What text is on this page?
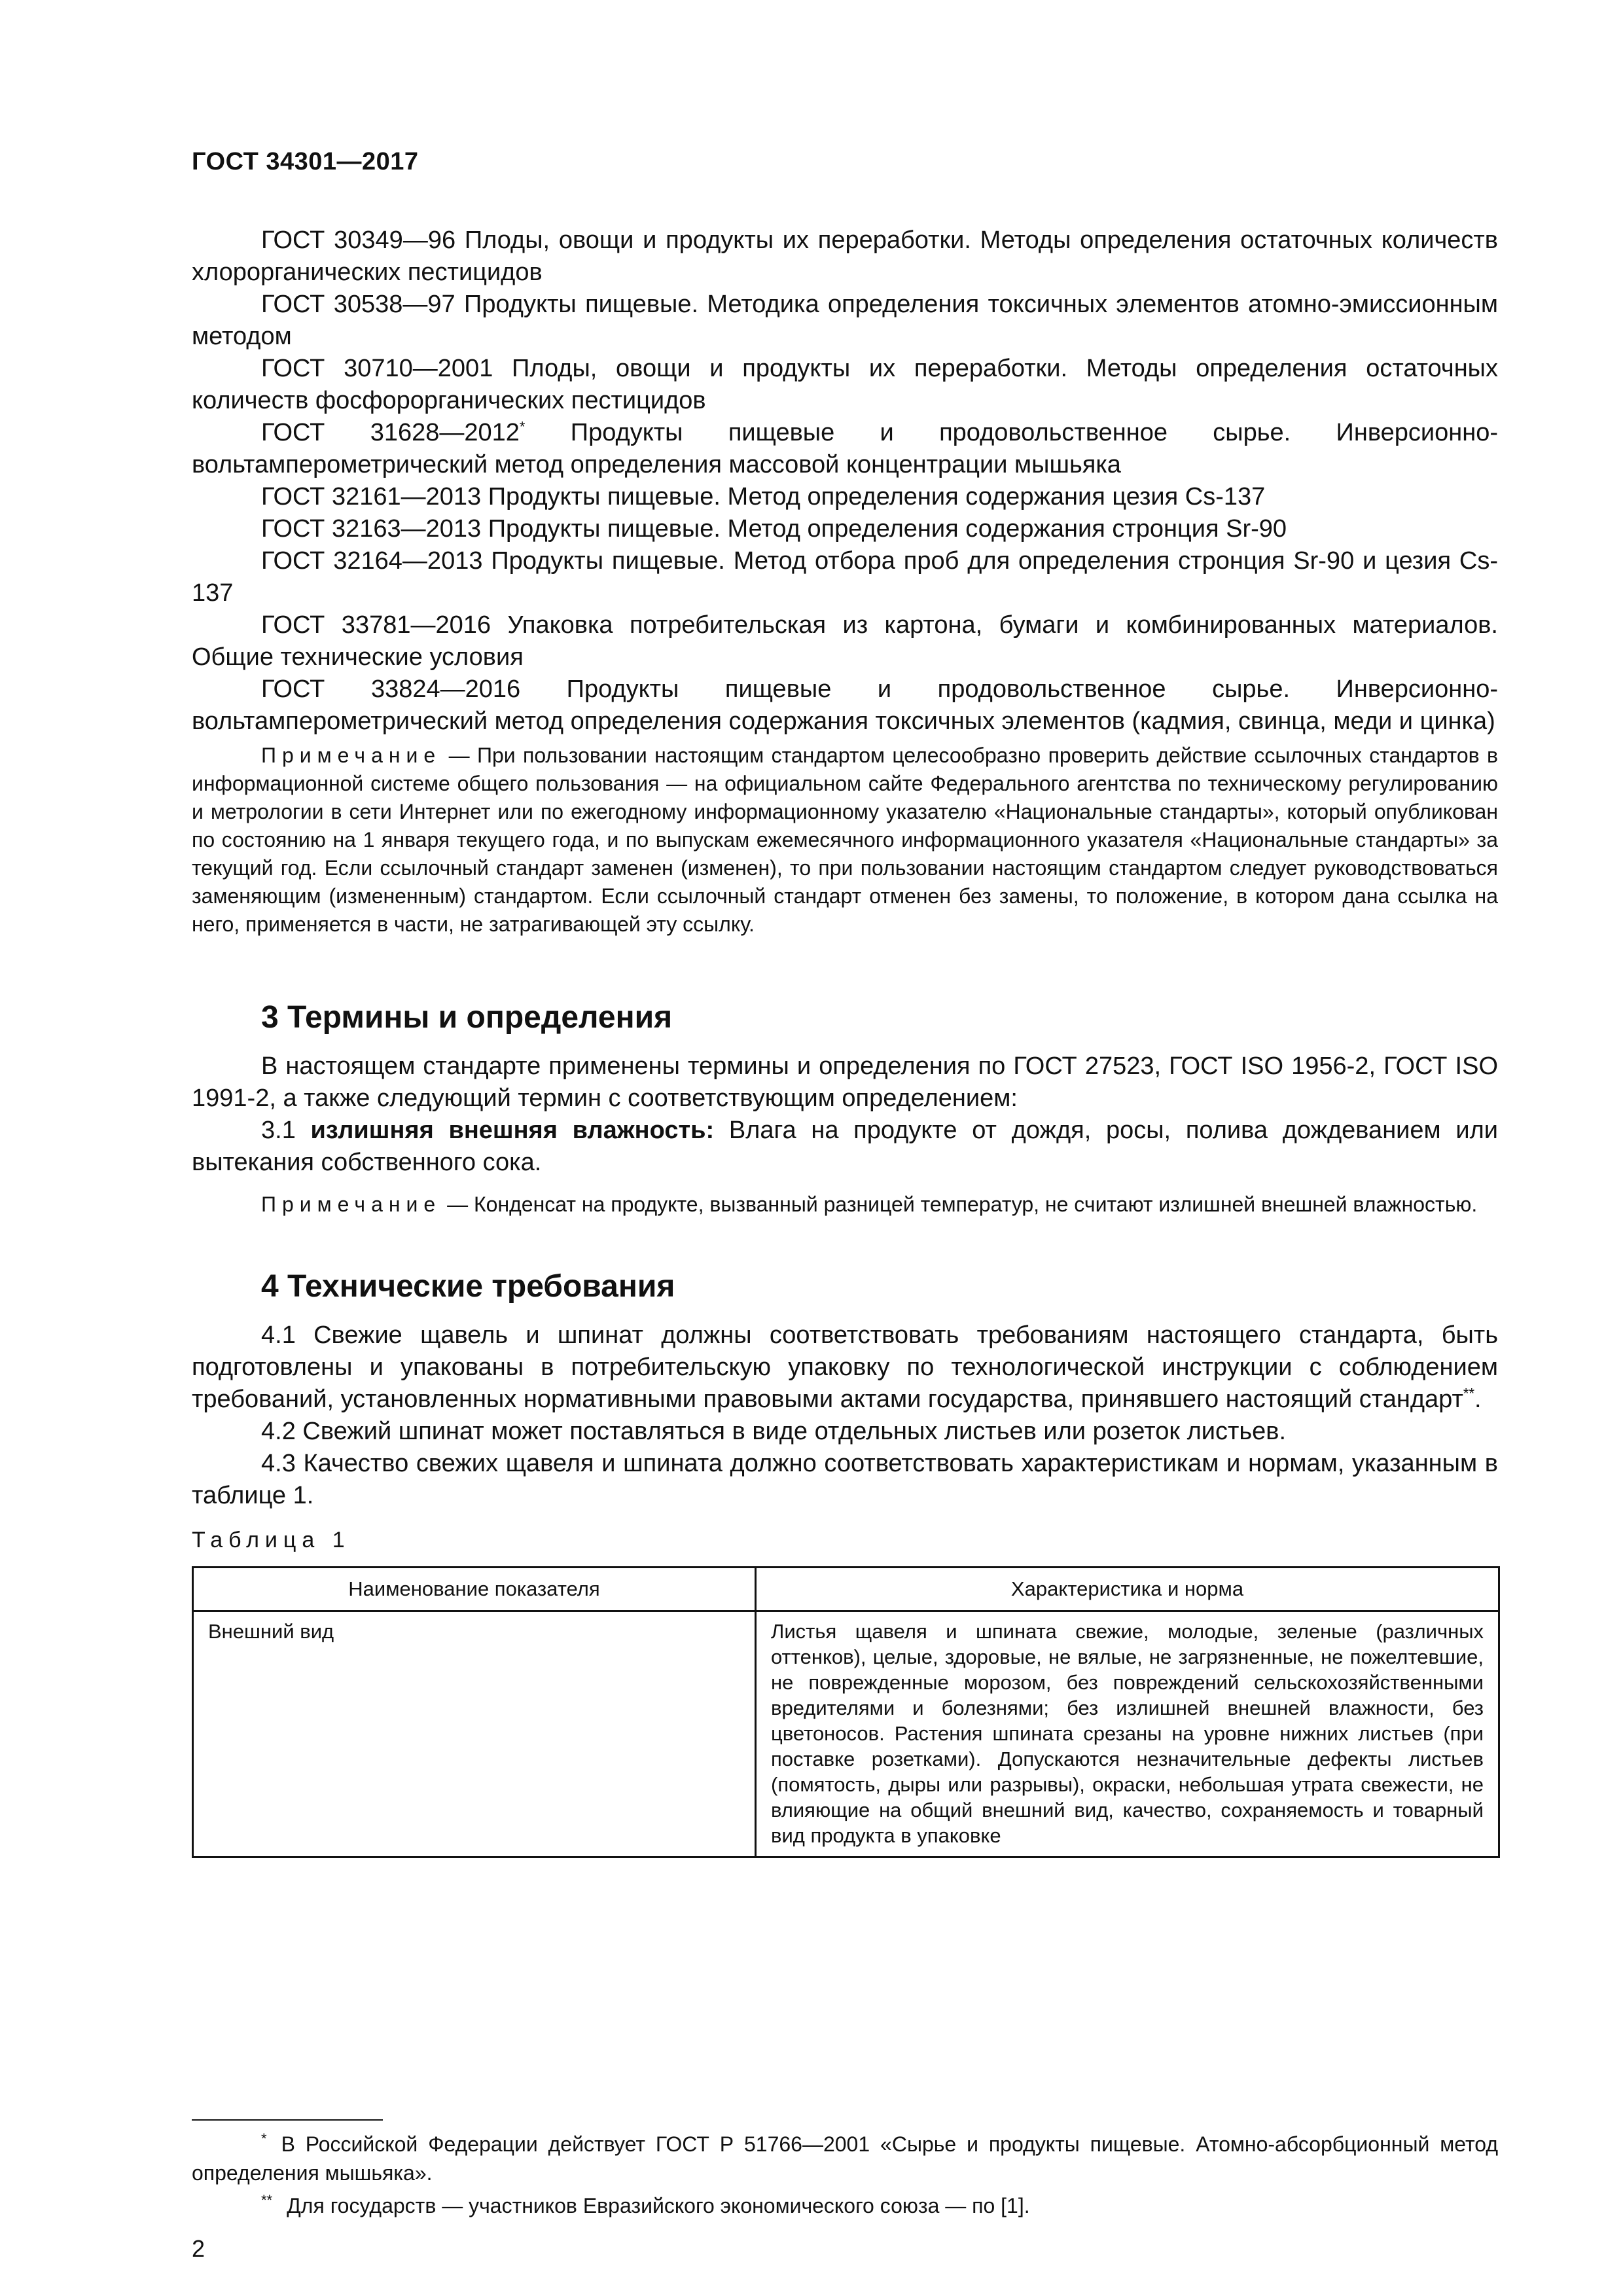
ГОСТ 34301—2017
ГОСТ 30349—96 Плоды, овощи и продукты их переработки. Методы определения остаточных количеств хлорорганических пестицидов
ГОСТ 30538—97 Продукты пищевые. Методика определения токсичных элементов атомно-эмиссионным методом
ГОСТ 30710—2001 Плоды, овощи и продукты их переработки. Методы определения остаточных количеств фосфорорганических пестицидов
ГОСТ 31628—2012* Продукты пищевые и продовольственное сырье. Инверсионно-вольтамперометрический метод определения массовой концентрации мышьяка
ГОСТ 32161—2013 Продукты пищевые. Метод определения содержания цезия Cs-137
ГОСТ 32163—2013 Продукты пищевые. Метод определения содержания стронция Sr-90
ГОСТ 32164—2013 Продукты пищевые. Метод отбора проб для определения стронция Sr-90 и цезия Cs-137
ГОСТ 33781—2016 Упаковка потребительская из картона, бумаги и комбинированных материалов. Общие технические условия
ГОСТ 33824—2016 Продукты пищевые и продовольственное сырье. Инверсионно-вольтамперометрический метод определения содержания токсичных элементов (кадмия, свинца, меди и цинка)
Примечание — При пользовании настоящим стандартом целесообразно проверить действие ссылочных стандартов в информационной системе общего пользования — на официальном сайте Федерального агентства по техническому регулированию и метрологии в сети Интернет или по ежегодному информационному указателю «Национальные стандарты», который опубликован по состоянию на 1 января текущего года, и по выпускам ежемесячного информационного указателя «Национальные стандарты» за текущий год. Если ссылочный стандарт заменен (изменен), то при пользовании настоящим стандартом следует руководствоваться заменяющим (измененным) стандартом. Если ссылочный стандарт отменен без замены, то положение, в котором дана ссылка на него, применяется в части, не затрагивающей эту ссылку.
3 Термины и определения
В настоящем стандарте применены термины и определения по ГОСТ 27523, ГОСТ ISO 1956-2, ГОСТ ISO 1991-2, а также следующий термин с соответствующим определением:
3.1 излишняя внешняя влажность: Влага на продукте от дождя, росы, полива дождеванием или вытекания собственного сока.
Примечание — Конденсат на продукте, вызванный разницей температур, не считают излишней внешней влажностью.
4 Технические требования
4.1 Свежие щавель и шпинат должны соответствовать требованиям настоящего стандарта, быть подготовлены и упакованы в потребительскую упаковку по технологической инструкции с соблюдением требований, установленных нормативными правовыми актами государства, принявшего настоящий стандарт**.
4.2 Свежий шпинат может поставляться в виде отдельных листьев или розеток листьев.
4.3 Качество свежих щавеля и шпината должно соответствовать характеристикам и нормам, указанным в таблице 1.
Таблица 1
Наименование показателя	Характеристика и норма
Внешний вид	Листья щавеля и шпината свежие, молодые, зеленые (различных оттенков), целые, здоровые, не вялые, не загрязненные, не пожелтевшие, не поврежденные морозом, без повреждений сельскохозяйственными вредителями и болезнями; без излишней внешней влажности, без цветоносов. Растения шпината срезаны на уровне нижних листьев (при поставке розетками). Допускаются незначительные дефекты листьев (помятость, дыры или разрывы), окраски, небольшая утрата свежести, не влияющие на общий внешний вид, качество, сохраняемость и товарный вид продукта в упаковке
* В Российской Федерации действует ГОСТ Р 51766—2001 «Сырье и продукты пищевые. Атомно-абсорбционный метод определения мышьяка».
** Для государств — участников Евразийского экономического союза — по [1].
2
